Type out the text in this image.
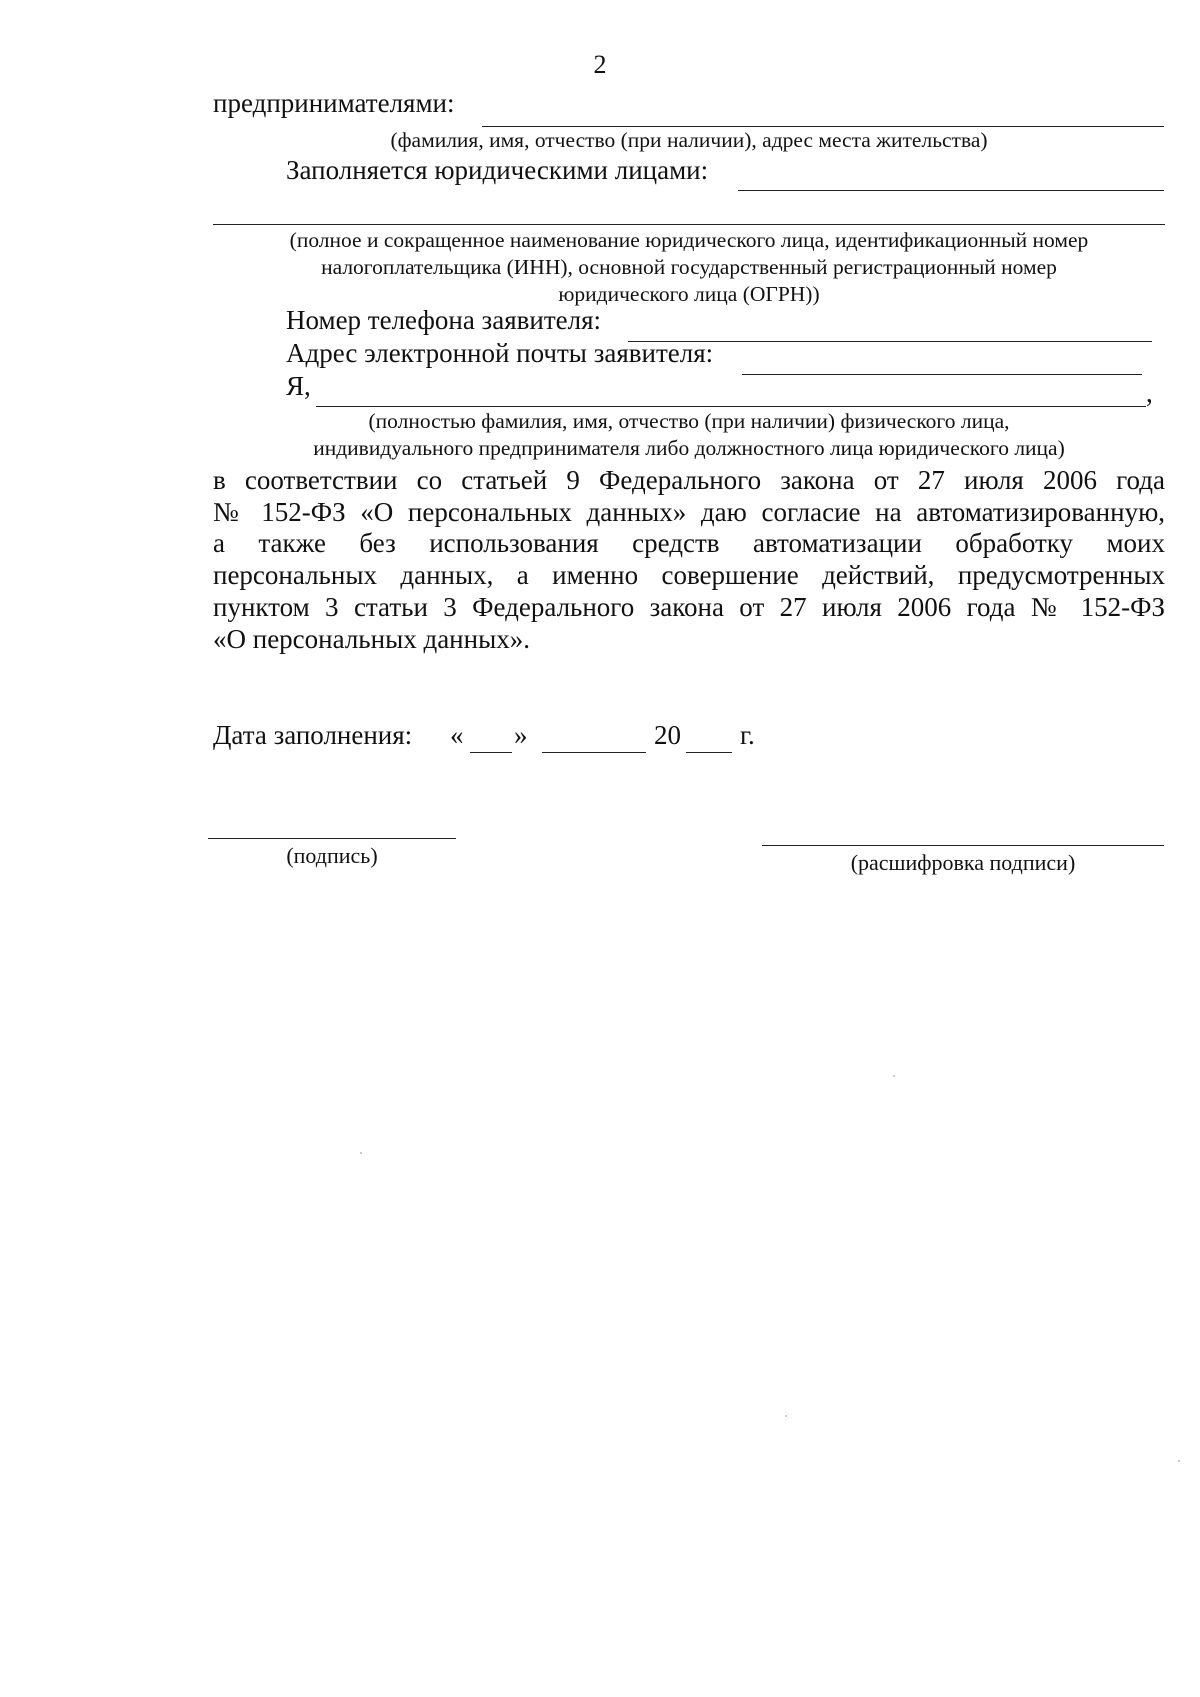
2
предпринимателями:
(фамилия, имя, отчество (при наличии), адрес места жительства)
Заполняется юридическими лицами:
(полное и сокращенное наименование юридического лица, идентификационный номер
налогоплательщика (ИНН), основной государственный регистрационный номер
юридического лица (ОГРН))
Номер телефона заявителя:
Адрес электронной почты заявителя:
Я,	,
(полностью фамилия, имя, отчество (при наличии) физического лица,
индивидуального предпринимателя либо должностного лица юридического лица)
в соответствии со статьей 9 Федерального закона от 27 июля 2006 года
№ 152-ФЗ «О персональных данных» даю согласие на автоматизированную,
а также без использования средств автоматизации обработку моих
персональных данных, а именно совершение действий, предусмотренных
пунктом 3 статьи 3 Федерального закона от 27 июля 2006 года № 152-ФЗ
«О персональных данных».
Дата заполнения: « »	20 г.
(подпись)	(расшифровка подписи)
